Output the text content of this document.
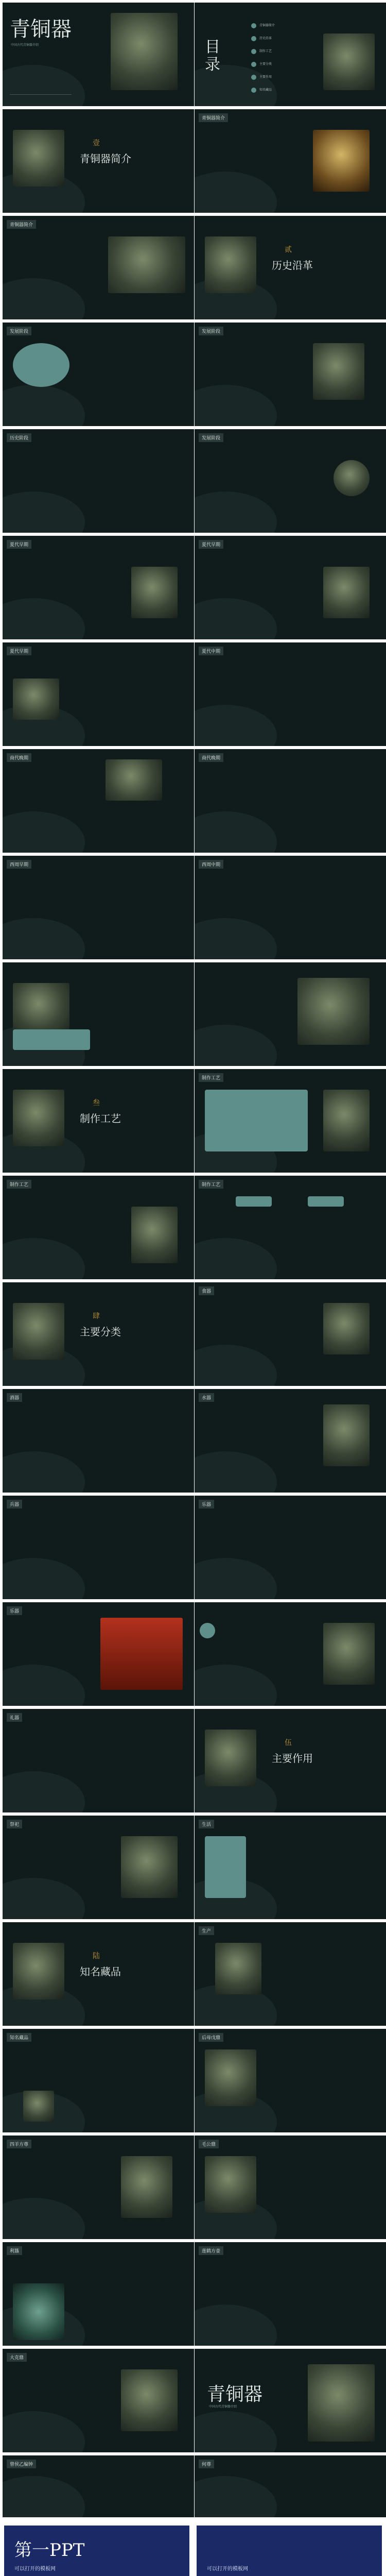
青铜器
中国古代青铜器介绍	目录
青铜器简介
历史沿革
制作工艺
主要分类
主要作用
知名藏品
壹
青铜器简介
青铜器简介
青铜器简介
贰
历史沿革
发展阶段	发展阶段
历史阶段	发展阶段
夏代早期	夏代早期
夏代早期	夏代中期
商代晚期	商代晚期
西周早期	西周中期
叁
制作工艺
制作工艺
制作工艺	制作工艺
肆
主要分类
食器
酒器	水器
兵器	乐器
乐器
礼器
伍
主要作用
祭祀	生活
陆
知名藏品
生产
知名藏品	后母戊鼎
四羊方尊	毛公鼎
利簋	莲鹤方壶
大克鼎
青铜器
中国古代青铜器介绍
曾侯乙编钟	何尊
第一PPT
可以打开的模板网	可以打开的模板网
